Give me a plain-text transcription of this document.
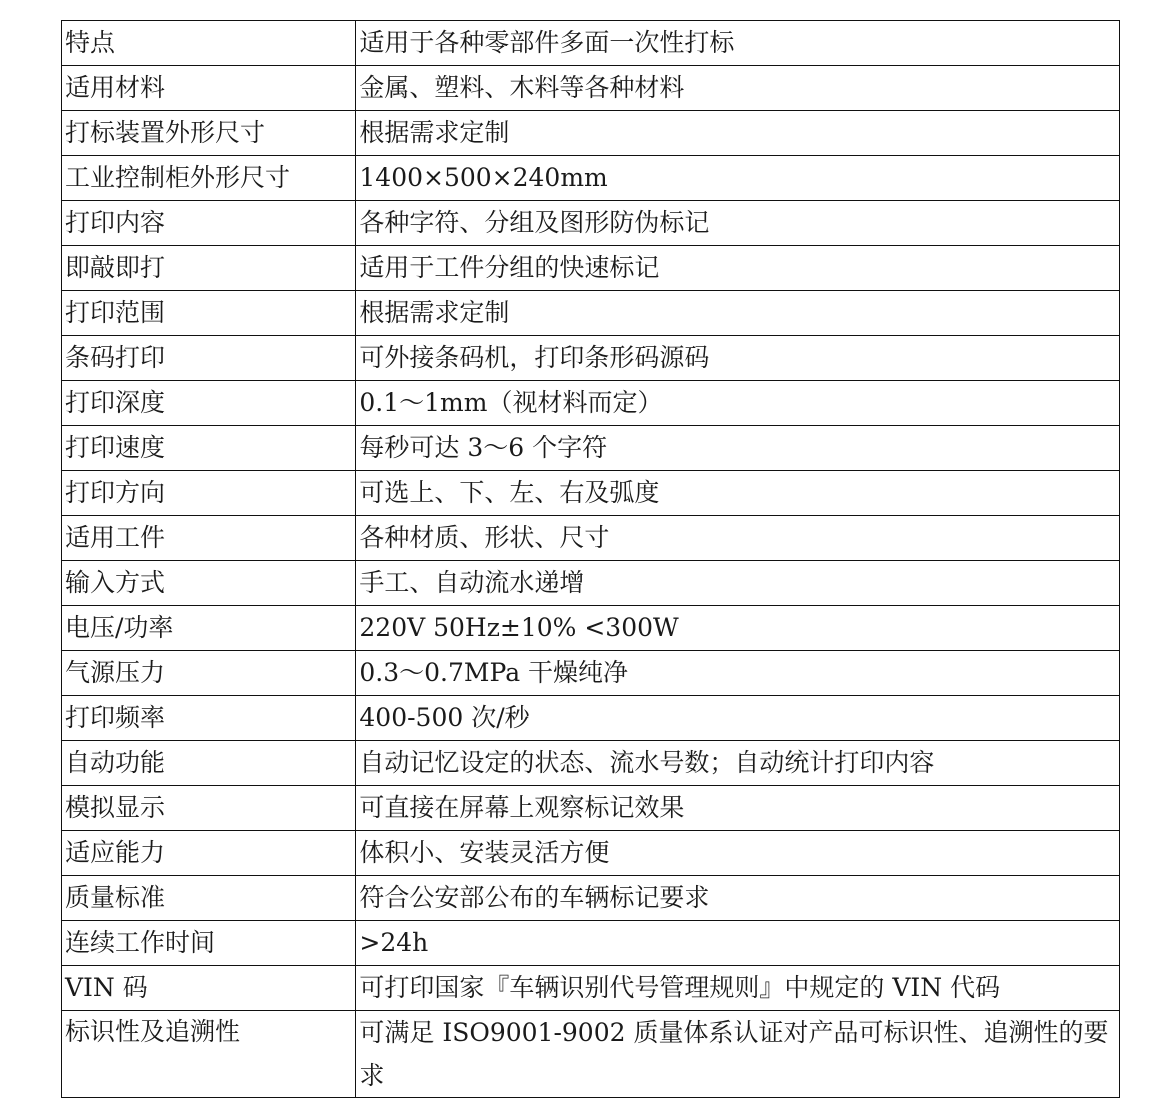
特点	适用于各种零部件多面一次性打标
适用材料	金属、塑料、木料等各种材料
打标装置外形尺寸	根据需求定制
工业控制柜外形尺寸	1400×500×240mm
打印内容	各种字符、分组及图形防伪标记
即敲即打	适用于工件分组的快速标记
打印范围	根据需求定制
条码打印	可外接条码机，打印条形码源码
打印深度	0.1～1mm（视材料而定）
打印速度	每秒可达 3～6 个字符
打印方向	可选上、下、左、右及弧度
适用工件	各种材质、形状、尺寸
输入方式	手工、自动流水递增
电压/功率	220V 50Hz±10% <300W
气源压力	0.3～0.7MPa 干燥纯净
打印频率	400-500 次/秒
自动功能	自动记忆设定的状态、流水号数；自动统计打印内容
模拟显示	可直接在屏幕上观察标记效果
适应能力	体积小、安装灵活方便
质量标准	符合公安部公布的车辆标记要求
连续工作时间	>24h
VIN 码	可打印国家『车辆识别代号管理规则』中规定的 VIN 代码
标识性及追溯性	可满足 ISO9001-9002 质量体系认证对产品可标识性、追溯性的要求
